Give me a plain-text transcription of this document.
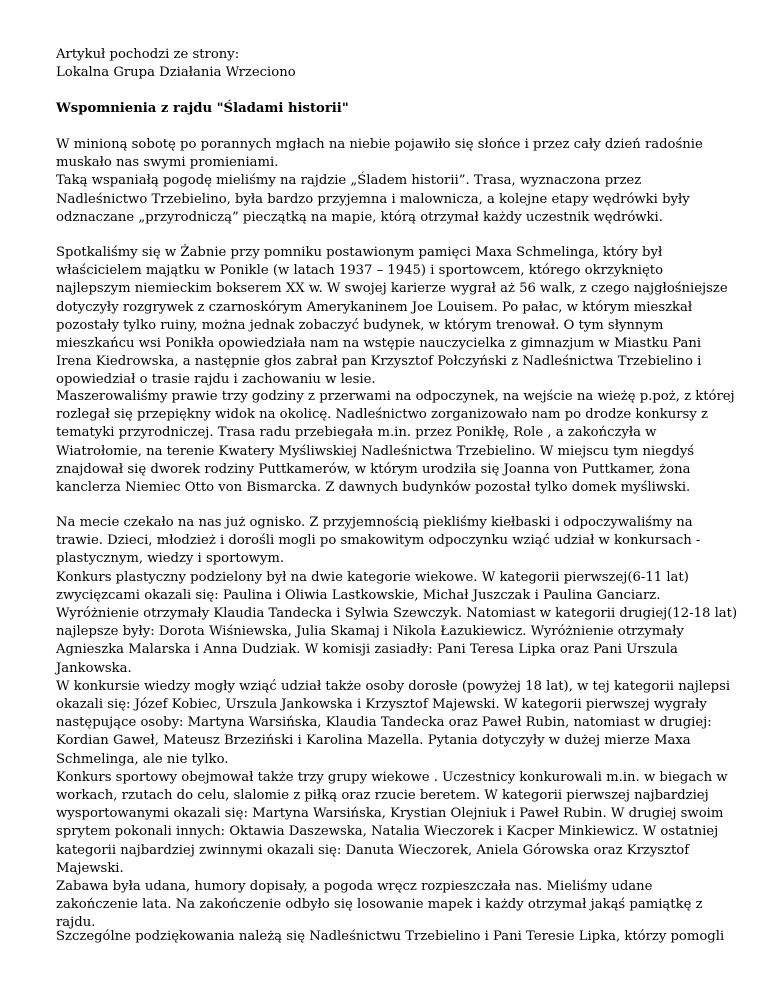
Artykuł pochodzi ze strony:
Lokalna Grupa Działania Wrzeciono
Wspomnienia z rajdu "Śladami historii"
W minioną sobotę po porannych mgłach na niebie pojawiło się słońce i przez cały dzień radośnie
muskało nas swymi promieniami.
Taką wspaniałą pogodę mieliśmy na rajdzie „Śladem historii”. Trasa, wyznaczona przez
Nadleśnictwo Trzebielino, była bardzo przyjemna i malownicza, a kolejne etapy wędrówki były
odznaczane „przyrodniczą” pieczątką na mapie, którą otrzymał każdy uczestnik wędrówki.
Spotkaliśmy się w Żabnie przy pomniku postawionym pamięci Maxa Schmelinga, który był
właścicielem majątku w Ponikle (w latach 1937 – 1945) i sportowcem, którego okrzyknięto
najlepszym niemieckim bokserem XX w. W swojej karierze wygrał aż 56 walk, z czego najgłośniejsze
dotyczyły rozgrywek z czarnoskórym Amerykaninem Joe Louisem. Po pałac, w którym mieszkał
pozostały tylko ruiny, można jednak zobaczyć budynek, w którym trenował. O tym słynnym
mieszkańcu wsi Ponikła opowiedziała nam na wstępie nauczycielka z gimnazjum w Miastku Pani
Irena Kiedrowska, a następnie głos zabrał pan Krzysztof Połczyński z Nadleśnictwa Trzebielino i
opowiedział o trasie rajdu i zachowaniu w lesie.
Maszerowaliśmy prawie trzy godziny z przerwami na odpoczynek, na wejście na wieżę p.poż, z której
rozlegał się przepiękny widok na okolicę. Nadleśnictwo zorganizowało nam po drodze konkursy z
tematyki przyrodniczej. Trasa radu przebiegała m.in. przez Ponikłę, Role , a zakończyła w
Wiatrołomie, na terenie Kwatery Myśliwskiej Nadleśnictwa Trzebielino. W miejscu tym niegdyś
znajdował się dworek rodziny Puttkamerów, w którym urodziła się Joanna von Puttkamer, żona
kanclerza Niemiec Otto von Bismarcka. Z dawnych budynków pozostał tylko domek myśliwski.
Na mecie czekało na nas już ognisko. Z przyjemnością piekliśmy kiełbaski i odpoczywaliśmy na
trawie. Dzieci, młodzież i dorośli mogli po smakowitym odpoczynku wziąć udział w konkursach -
plastycznym, wiedzy i sportowym.
Konkurs plastyczny podzielony był na dwie kategorie wiekowe. W kategorii pierwszej(6-11 lat)
zwycięzcami okazali się: Paulina i Oliwia Lastkowskie, Michał Juszczak i Paulina Ganciarz.
Wyróżnienie otrzymały Klaudia Tandecka i Sylwia Szewczyk. Natomiast w kategorii drugiej(12-18 lat)
najlepsze były: Dorota Wiśniewska, Julia Skamaj i Nikola Łazukiewicz. Wyróżnienie otrzymały
Agnieszka Malarska i Anna Dudziak. W komisji zasiadły: Pani Teresa Lipka oraz Pani Urszula
Jankowska.
W konkursie wiedzy mogły wziąć udział także osoby dorosłe (powyżej 18 lat), w tej kategorii najlepsi
okazali się: Józef Kobiec, Urszula Jankowska i Krzysztof Majewski. W kategorii pierwszej wygrały
następujące osoby: Martyna Warsińska, Klaudia Tandecka oraz Paweł Rubin, natomiast w drugiej:
Kordian Gaweł, Mateusz Brzeziński i Karolina Mazella. Pytania dotyczyły w dużej mierze Maxa
Schmelinga, ale nie tylko.
Konkurs sportowy obejmował także trzy grupy wiekowe . Uczestnicy konkurowali m.in. w biegach w
workach, rzutach do celu, slalomie z piłką oraz rzucie beretem. W kategorii pierwszej najbardziej
wysportowanymi okazali się: Martyna Warsińska, Krystian Olejniuk i Paweł Rubin. W drugiej swoim
sprytem pokonali innych: Oktawia Daszewska, Natalia Wieczorek i Kacper Minkiewicz. W ostatniej
kategorii najbardziej zwinnymi okazali się: Danuta Wieczorek, Aniela Górowska oraz Krzysztof
Majewski.
Zabawa była udana, humory dopisały, a pogoda wręcz rozpieszczała nas. Mieliśmy udane
zakończenie lata. Na zakończenie odbyło się losowanie mapek i każdy otrzymał jakąś pamiątkę z
rajdu.
Szczególne podziękowania należą się Nadleśnictwu Trzebielino i Pani Teresie Lipka, którzy pomogli
